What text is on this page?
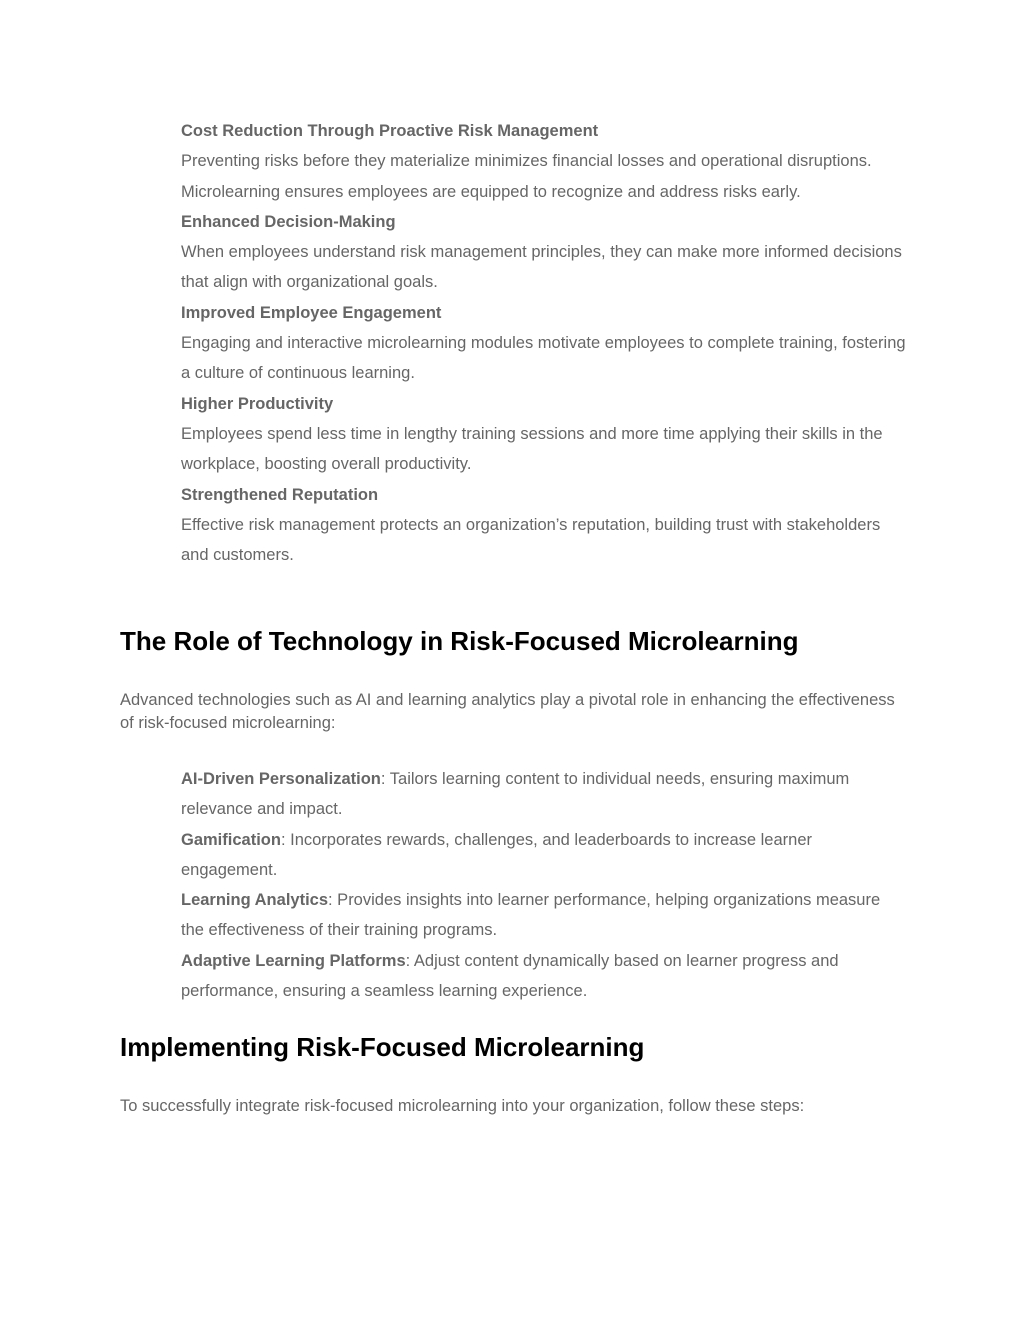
Cost Reduction Through Proactive Risk Management
Preventing risks before they materialize minimizes financial losses and operational disruptions. Microlearning ensures employees are equipped to recognize and address risks early.
Enhanced Decision-Making
When employees understand risk management principles, they can make more informed decisions that align with organizational goals.
Improved Employee Engagement
Engaging and interactive microlearning modules motivate employees to complete training, fostering a culture of continuous learning.
Higher Productivity
Employees spend less time in lengthy training sessions and more time applying their skills in the workplace, boosting overall productivity.
Strengthened Reputation
Effective risk management protects an organization’s reputation, building trust with stakeholders and customers.
The Role of Technology in Risk-Focused Microlearning

Advanced technologies such as AI and learning analytics play a pivotal role in enhancing the effectiveness of risk-focused microlearning:

AI-Driven Personalization: Tailors learning content to individual needs, ensuring maximum relevance and impact.
Gamification: Incorporates rewards, challenges, and leaderboards to increase learner engagement.
Learning Analytics: Provides insights into learner performance, helping organizations measure the effectiveness of their training programs.
Adaptive Learning Platforms: Adjust content dynamically based on learner progress and performance, ensuring a seamless learning experience.
Implementing Risk-Focused Microlearning

To successfully integrate risk-focused microlearning into your organization, follow these steps:
